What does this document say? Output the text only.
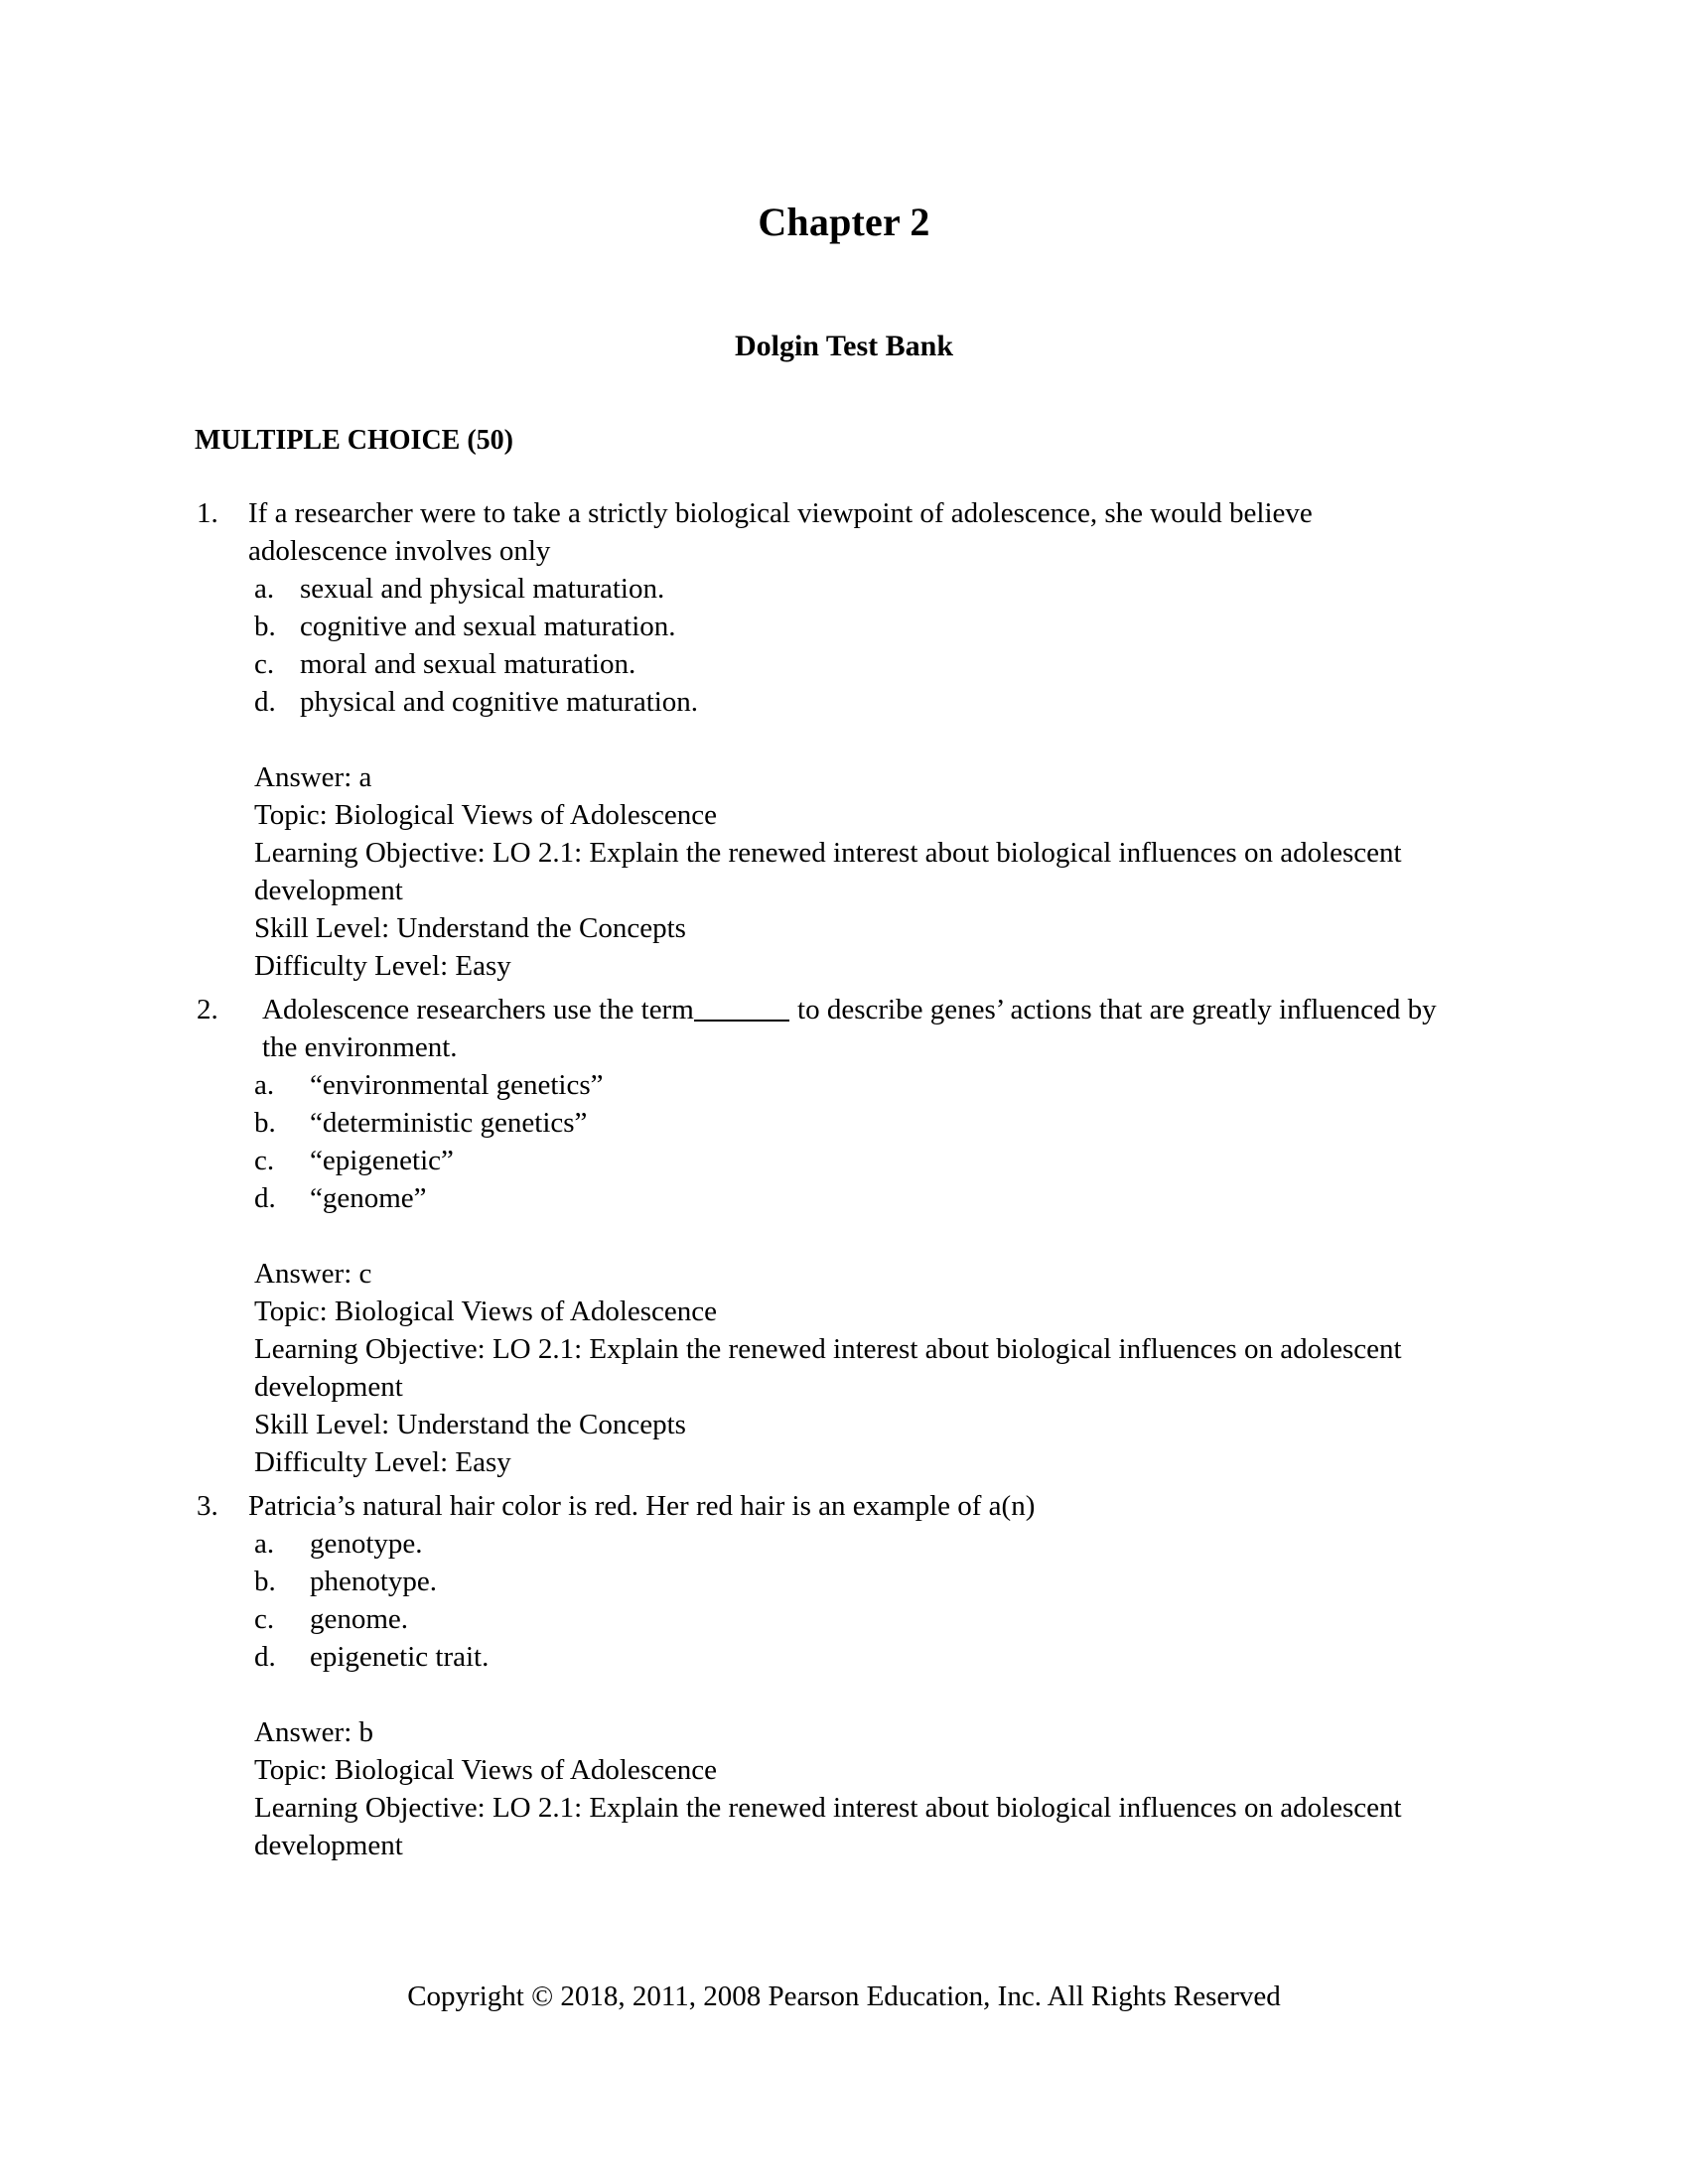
Chapter 2
Dolgin Test Bank
MULTIPLE CHOICE (50)
1.	If a researcher were to take a strictly biological viewpoint of adolescence, she would believe adolescence involves only
a. sexual and physical maturation.
b. cognitive and sexual maturation.
c. moral and sexual maturation.
d. physical and cognitive maturation.
Answer: a
Topic: Biological Views of Adolescence
Learning Objective: LO 2.1: Explain the renewed interest about biological influences on adolescent development
Skill Level: Understand the Concepts
Difficulty Level: Easy
2.	Adolescence researchers use the term	to describe genes’ actions that are greatly influenced by the environment.
a. “environmental genetics”
b. “deterministic genetics”
c. “epigenetic”
d. “genome”
Answer: c
Topic: Biological Views of Adolescence
Learning Objective: LO 2.1: Explain the renewed interest about biological influences on adolescent development
Skill Level: Understand the Concepts
Difficulty Level: Easy
3.	Patricia’s natural hair color is red. Her red hair is an example of a(n)
a. genotype.
b. phenotype.
c. genome.
d. epigenetic trait.
Answer: b
Topic: Biological Views of Adolescence
Learning Objective: LO 2.1: Explain the renewed interest about biological influences on adolescent development
Copyright © 2018, 2011, 2008 Pearson Education, Inc. All Rights Reserved
